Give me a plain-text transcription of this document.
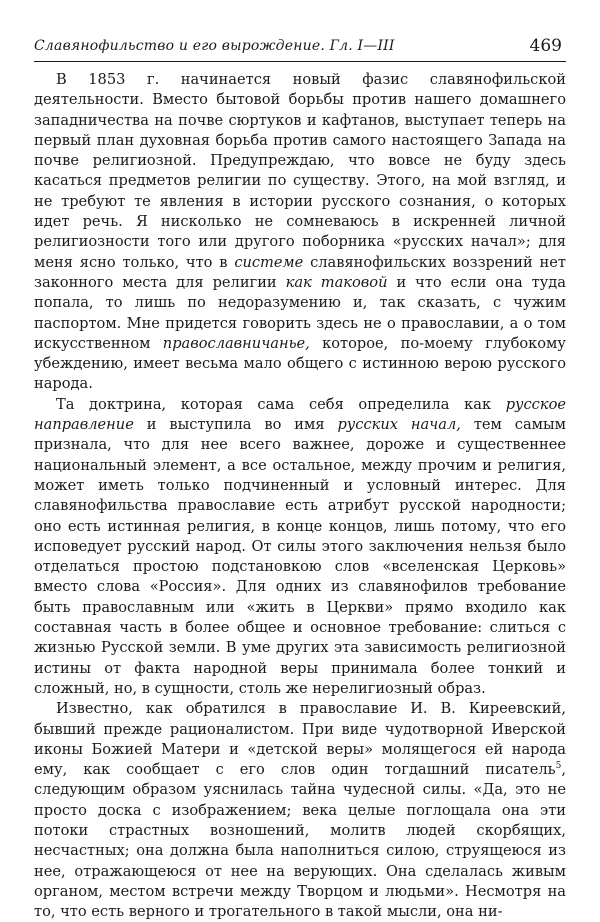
Славянофильство и его вырождение. Гл. I—III	469

В 1853 г. начинается новый фазис славянофильской деятельности. Вместо бытовой борьбы против нашего домашнего западничества на почве сюртуков и кафтанов, выступает теперь на первый план духовная борьба против самого настоящего Запада на почве религиозной. Предупреждаю, что вовсе не буду здесь касаться предметов религии по существу. Этого, на мой взгляд, и не требуют те явления в истории русского сознания, о которых идет речь. Я нисколько не сомневаюсь в искренней личной религиозности того или другого поборника «русских начал»; для меня ясно только, что в системе славянофильских воззрений нет законного места для религии как таковой и что если она туда попала, то лишь по недоразумению и, так сказать, с чужим паспортом. Мне придется говорить здесь не о православии, а о том искусственном православничанье, которое, по-моему глубокому убеждению, имеет весьма мало общего с истинною верою русского народа.

Та доктрина, которая сама себя определила как русское направление и выступила во имя русских начал, тем самым признала, что для нее всего важнее, дороже и существеннее национальный элемент, а все остальное, между прочим и религия, может иметь только подчиненный и условный интерес. Для славянофильства православие есть атрибут русской народности; оно есть истинная религия, в конце концов, лишь потому, что его исповедует русский народ. От силы этого заключения нельзя было отделаться простою подстановкою слов «вселенская Церковь» вместо слова «Россия». Для одних из славянофилов требование быть православным или «жить в Церкви» прямо входило как составная часть в более общее и основное требование: слиться с жизнью Русской земли. В уме других эта зависимость религиозной истины от факта народной веры принимала более тонкий и сложный, но, в сущности, столь же нерелигиозный образ.

Известно, как обратился в православие И. В. Киреевский, бывший прежде рационалистом. При виде чудотворной Иверской иконы Божией Матери и «детской веры» молящегося ей народа ему, как сообщает с его слов один тогдашний писатель$^5$, следующим образом уяснилась тайна чудесной силы. «Да, это не просто доска с изображением; века целые поглощала она эти потоки страстных возношений, молитв людей скорбящих, несчастных; она должна была наполниться силою, струящеюся из нее, отражающеюся от нее на верующих. Она сделалась живым органом, местом встречи между Творцом и людьми». Несмотря на то, что есть верного и трогательного в такой мысли, она ни-
